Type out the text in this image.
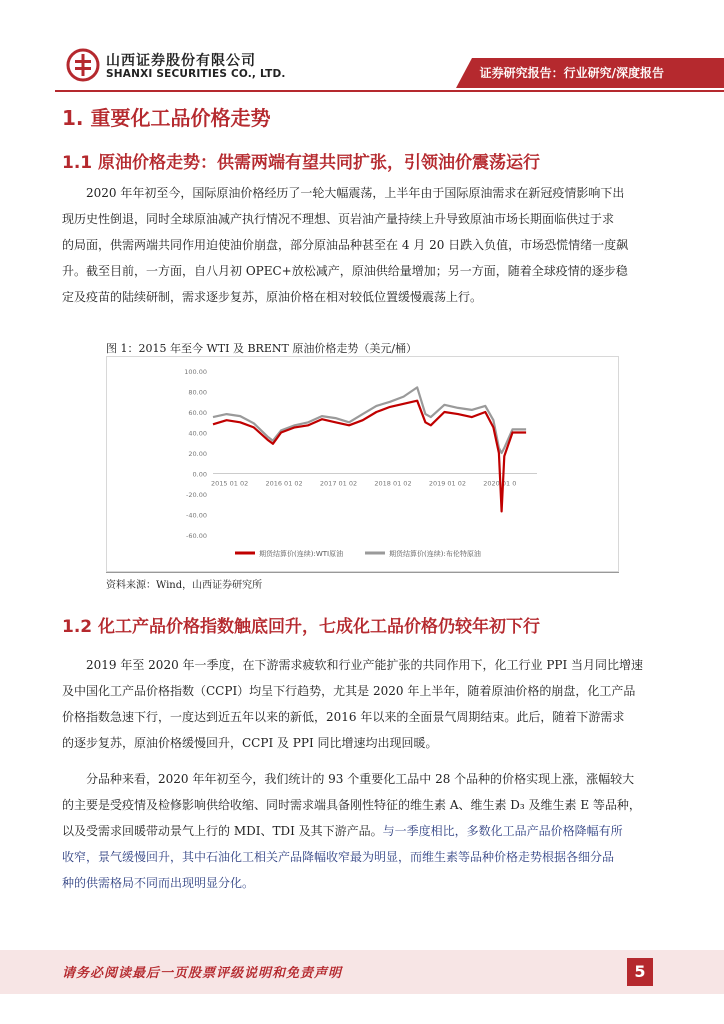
山西证券股份有限公司
SHANXI SECURITIES CO., LTD.	证券研究报告：行业研究/深度报告
1. 重要化工品价格走势
1.1 原油价格走势：供需两端有望共同扩张，引领油价震荡运行

2020 年年初至今，国际原油价格经历了一轮大幅震荡，上半年由于国际原油需求在新冠疫情影响下出

现历史性倒退，同时全球原油减产执行情况不理想、页岩油产量持续上升导致原油市场长期面临供过于求
的局面，供需两端共同作用迫使油价崩盘，部分原油品种甚至在 4 月 20 日跌入负值，市场恐慌情绪一度飙
升。截至目前，一方面，自八月初 OPEC+放松减产，原油供给量增加；另一方面，随着全球疫情的逐步稳
定及疫苗的陆续研制，需求逐步复苏，原油价格在相对较低位置缓慢震荡上行。
图 1：2015 年至今 WTI 及 BRENT 原油价格走势（美元/桶）
100.00
80.00
60.00
40.00
20.00
0.00
-20.00
-40.00
-60.00
2015 01 02	2016 01 02	2017 01 02	2018 01 02	2019 01 02	2020 01 0
期货结算价(连续):WTI原油	期货结算价(连续):布伦特原油
资料来源：Wind，山西证券研究所
1.2 化工产品价格指数触底回升，七成化工品价格仍较年初下行

2019 年至 2020 年一季度，在下游需求疲软和行业产能扩张的共同作用下，化工行业 PPI 当月同比增速

及中国化工产品价格指数（CCPI）均呈下行趋势，尤其是 2020 年上半年，随着原油价格的崩盘，化工产品
价格指数急速下行，一度达到近五年以来的新低，2016 年以来的全面景气周期结束。此后，随着下游需求
的逐步复苏，原油价格缓慢回升，CCPI 及 PPI 同比增速均出现回暖。

分品种来看，2020 年年初至今，我们统计的 93 个重要化工品中 28 个品种的价格实现上涨，涨幅较大

的主要是受疫情及检修影响供给收缩、同时需求端具备刚性特征的维生素 A、维生素 D₃ 及维生素 E 等品种，
以及受需求回暖带动景气上行的 MDI、TDI 及其下游产品。与一季度相比，多数化工品产品价格降幅有所
收窄，景气缓慢回升，其中石油化工相关产品降幅收窄最为明显，而维生素等品种价格走势根据各细分品
种的供需格局不同而出现明显分化。
请务必阅读最后一页股票评级说明和免责声明	5
